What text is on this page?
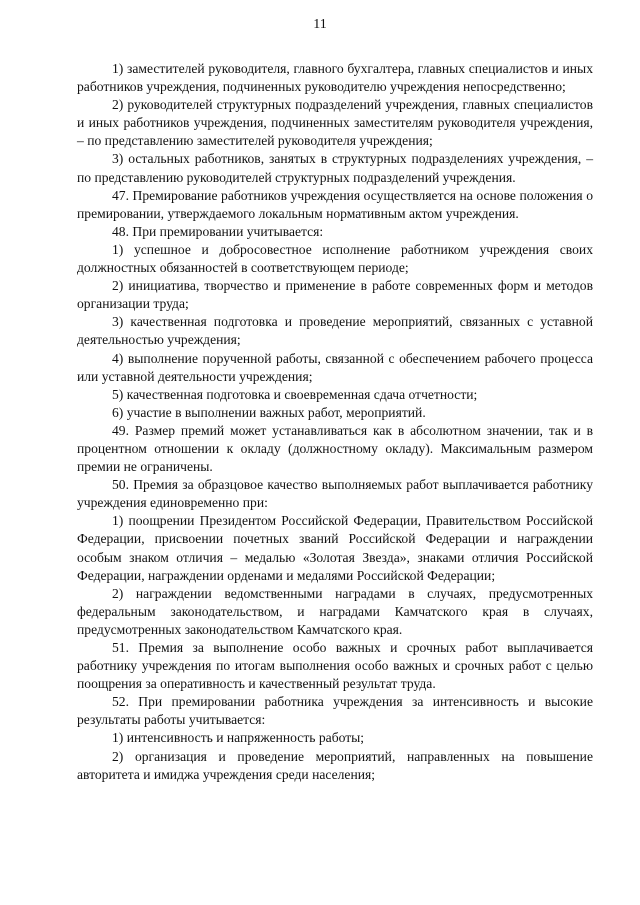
11

1) заместителей руководителя, главного бухгалтера, главных специалистов и иных работников учреждения, подчиненных руководителю учреждения непосредственно;

2) руководителей структурных подразделений учреждения, главных специалистов и иных работников учреждения, подчиненных заместителям руководителя учреждения, – по представлению заместителей руководителя учреждения;

3) остальных работников, занятых в структурных подразделениях учреждения, – по представлению руководителей структурных подразделений учреждения.

47. Премирование работников учреждения осуществляется на основе положения о премировании, утверждаемого локальным нормативным актом учреждения.

48. При премировании учитывается:

1) успешное и добросовестное исполнение работником учреждения своих должностных обязанностей в соответствующем периоде;

2) инициатива, творчество и применение в работе современных форм и методов организации труда;

3) качественная подготовка и проведение мероприятий, связанных с уставной деятельностью учреждения;

4) выполнение порученной работы, связанной с обеспечением рабочего процесса или уставной деятельности учреждения;

5) качественная подготовка и своевременная сдача отчетности;

6) участие в выполнении важных работ, мероприятий.

49. Размер премий может устанавливаться как в абсолютном значении, так и в процентном отношении к окладу (должностному окладу). Максимальным размером премии не ограничены.

50. Премия за образцовое качество выполняемых работ выплачивается работнику учреждения единовременно при:

1) поощрении Президентом Российской Федерации, Правительством Российской Федерации, присвоении почетных званий Российской Федерации и награждении особым знаком отличия – медалью «Золотая Звезда», знаками отличия Российской Федерации, награждении орденами и медалями Российской Федерации;

2) награждении ведомственными наградами в случаях, предусмотренных федеральным законодательством, и наградами Камчатского края в случаях, предусмотренных законодательством Камчатского края.

51. Премия за выполнение особо важных и срочных работ выплачивается работнику учреждения по итогам выполнения особо важных и срочных работ с целью поощрения за оперативность и качественный результат труда.

52. При премировании работника учреждения за интенсивность и высокие результаты работы учитывается:

1) интенсивность и напряженность работы;

2) организация и проведение мероприятий, направленных на повышение авторитета и имиджа учреждения среди населения;
